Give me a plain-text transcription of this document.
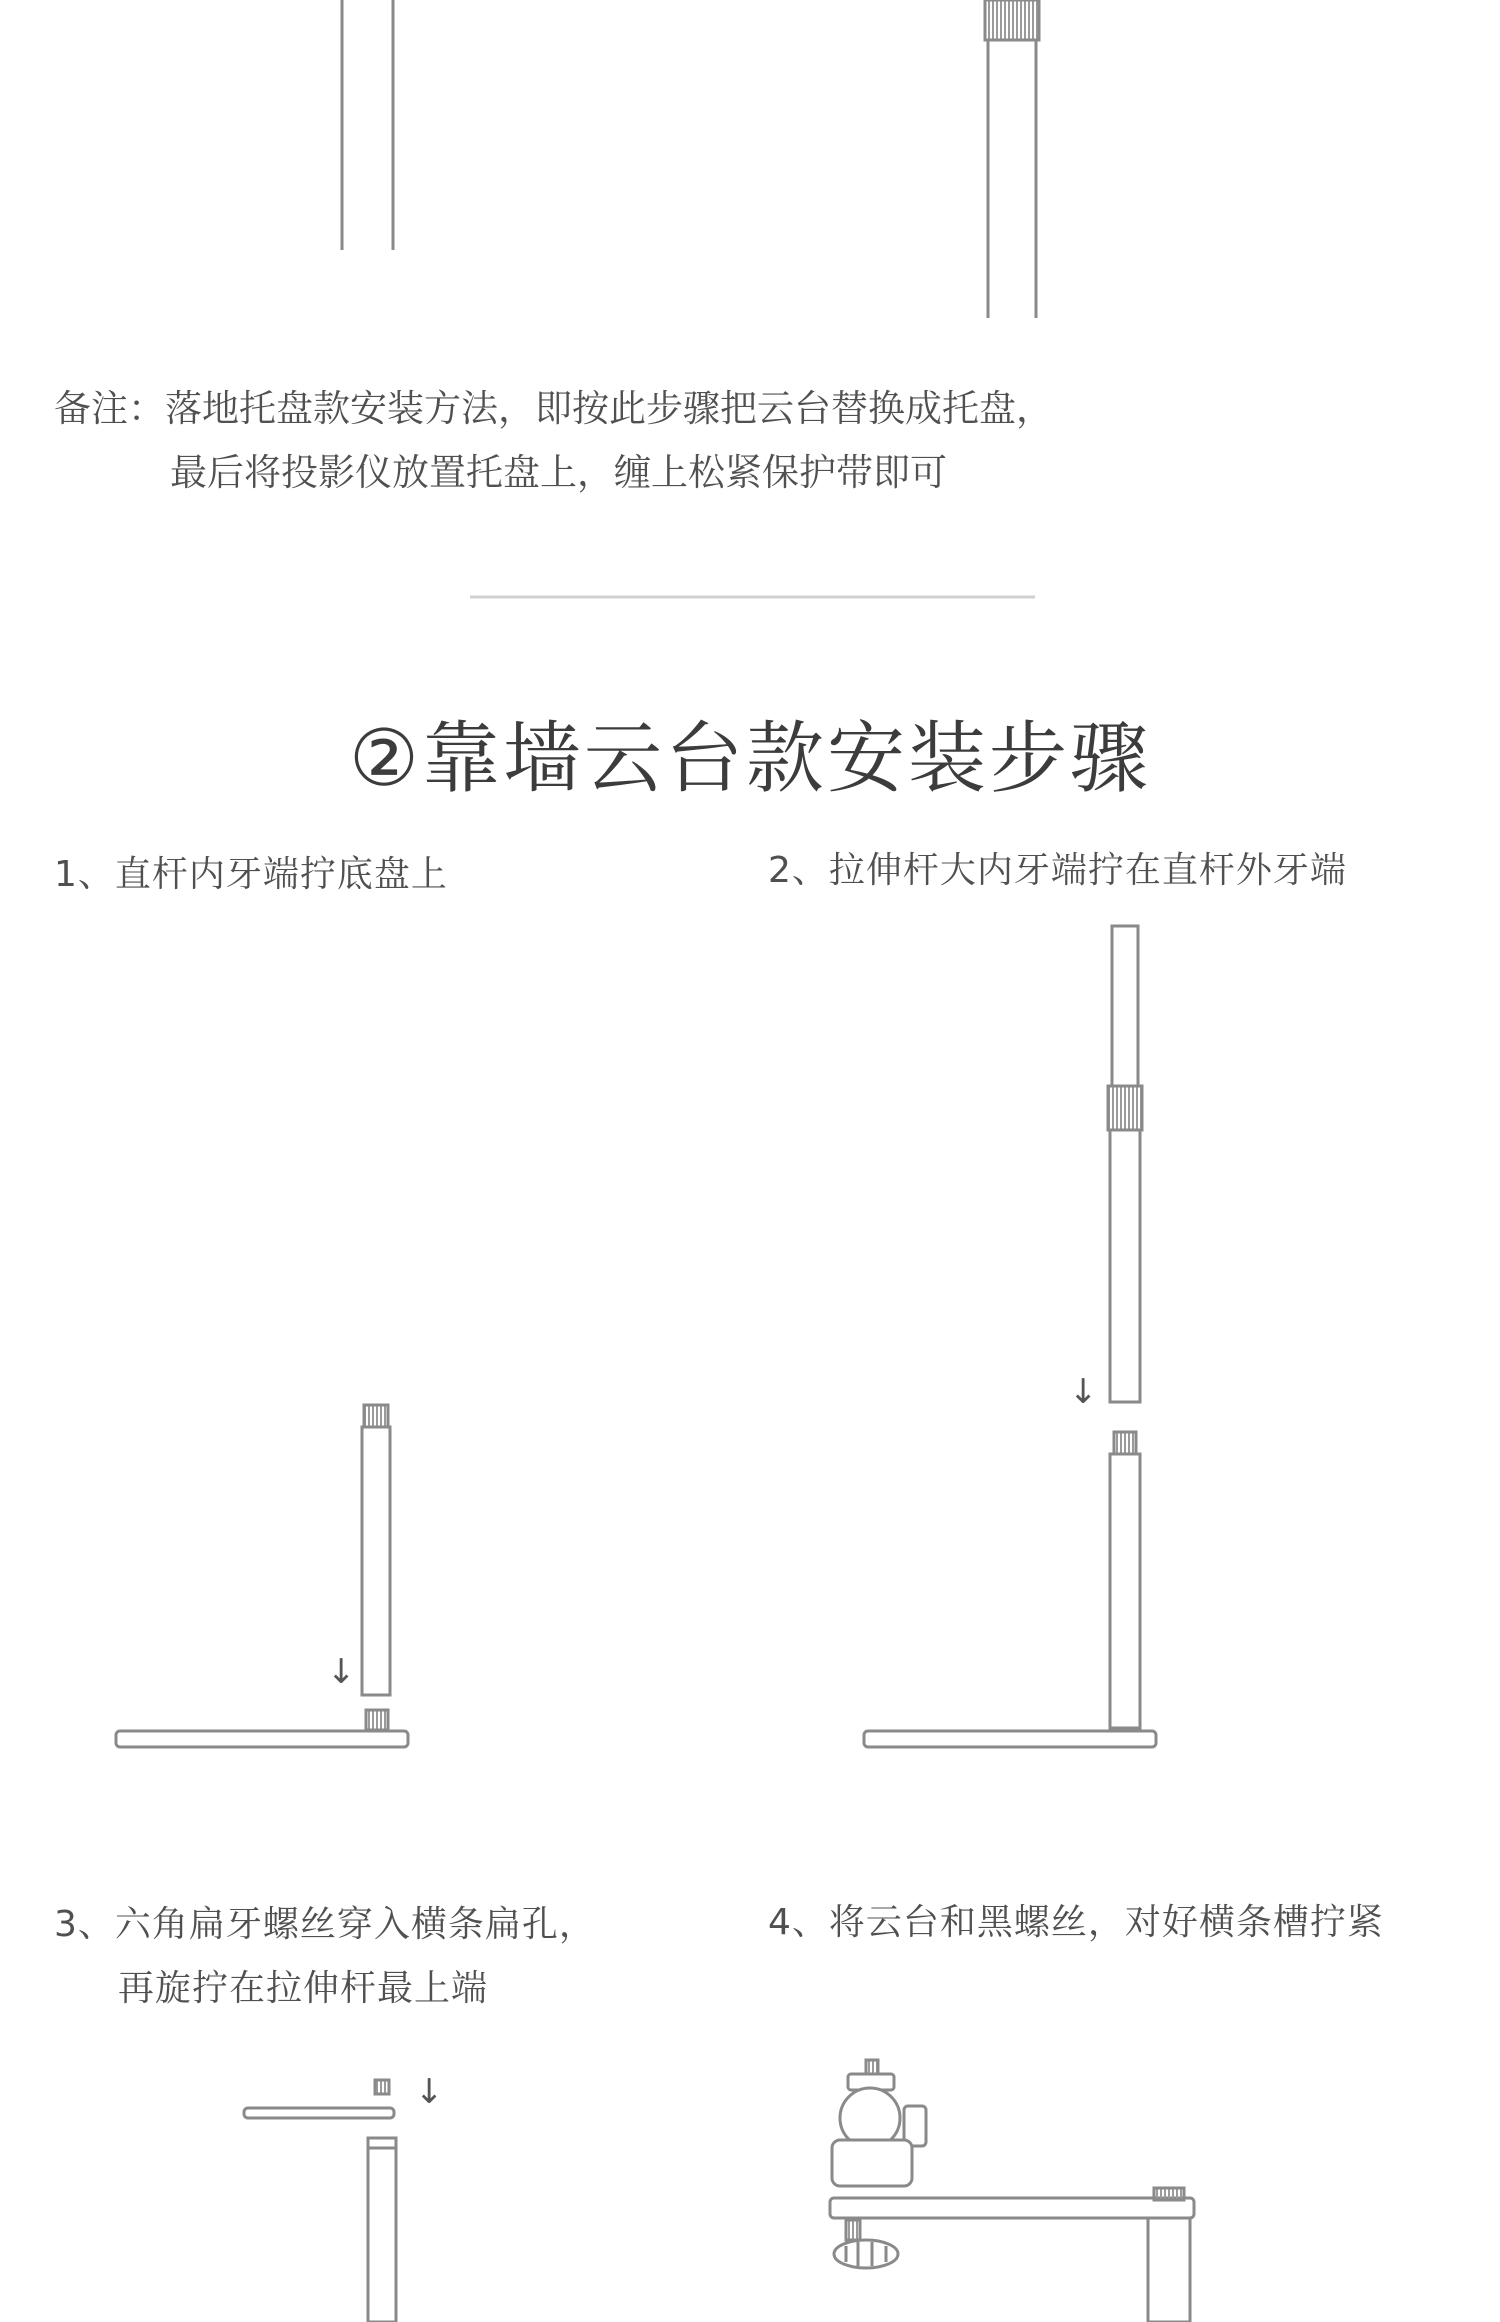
↓
↓
↓
备注：落地托盘款安装方法，即按此步骤把云台替换成托盘，
最后将投影仪放置托盘上，缠上松紧保护带即可
②靠墙云台款安装步骤
1、直杆内牙端拧底盘上	2、拉伸杆大内牙端拧在直杆外牙端
3、六角扁牙螺丝穿入横条扁孔，
再旋拧在拉伸杆最上端
4、将云台和黑螺丝，对好横条槽拧紧
